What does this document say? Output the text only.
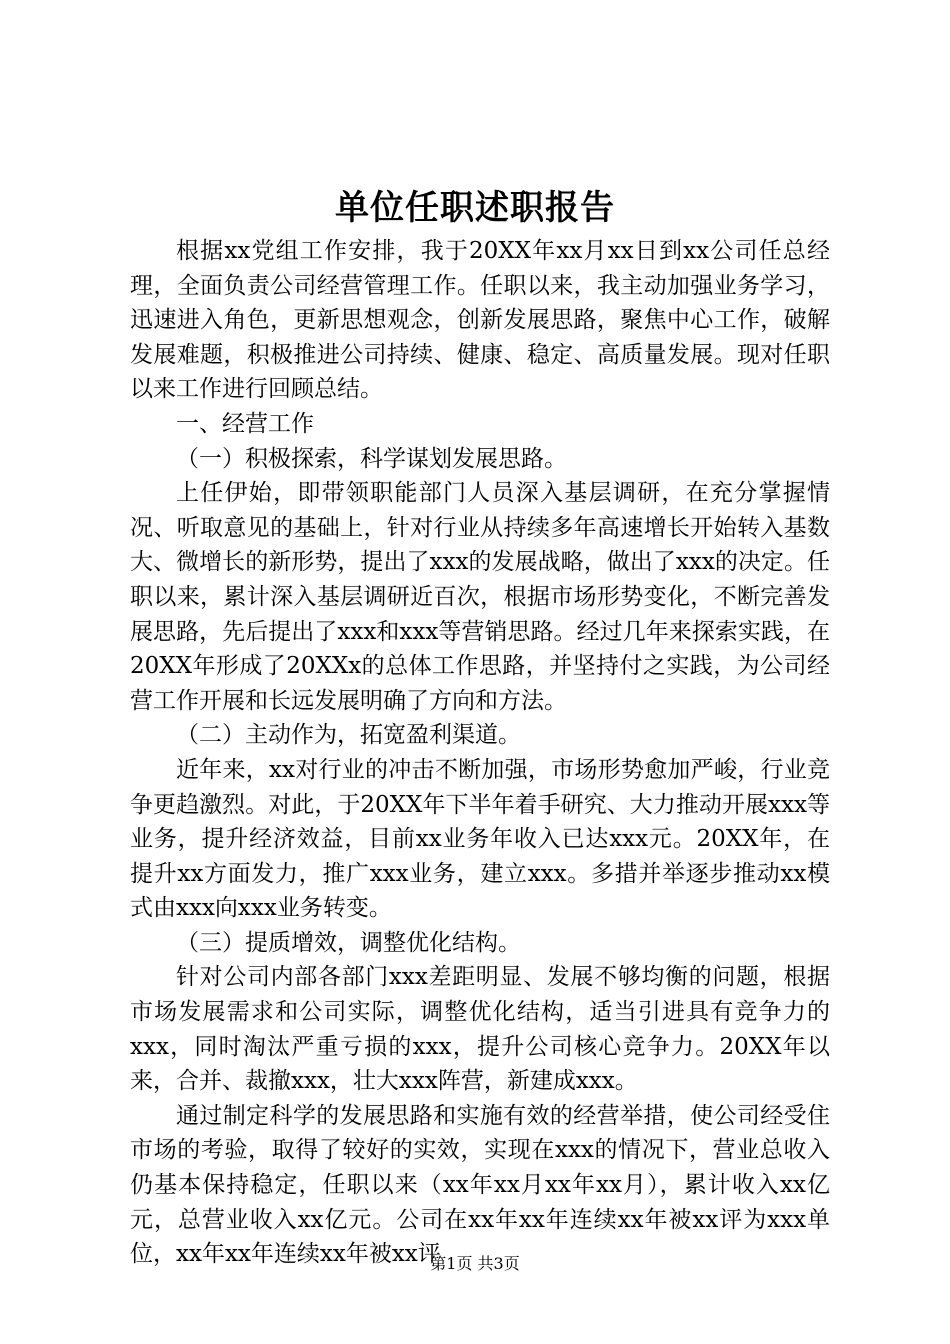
单位任职述职报告

根据xx党组工作安排，我于20XX年xx月xx日到xx公司任总经理，全面负责公司经营管理工作。任职以来，我主动加强业务学习，迅速进入角色，更新思想观念，创新发展思路，聚焦中心工作，破解发展难题，积极推进公司持续、健康、稳定、高质量发展。现对任职以来工作进行回顾总结。

一、经营工作

（一）积极探索，科学谋划发展思路。

上任伊始，即带领职能部门人员深入基层调研，在充分掌握情况、听取意见的基础上，针对行业从持续多年高速增长开始转入基数大、微增长的新形势，提出了xxx的发展战略，做出了xxx的决定。任职以来，累计深入基层调研近百次，根据市场形势变化，不断完善发展思路，先后提出了xxx和xxx等营销思路。经过几年来探索实践，在20XX年形成了20XXx的总体工作思路，并坚持付之实践，为公司经营工作开展和长远发展明确了方向和方法。

（二）主动作为，拓宽盈利渠道。

近年来，xx对行业的冲击不断加强，市场形势愈加严峻，行业竞争更趋激烈。对此，于20XX年下半年着手研究、大力推动开展xxx等业务，提升经济效益，目前xx业务年收入已达xxx元。20XX年，在提升xx方面发力，推广xxx业务，建立xxx。多措并举逐步推动xx模式由xxx向xxx业务转变。

（三）提质增效，调整优化结构。

针对公司内部各部门xxx差距明显、发展不够均衡的问题，根据市场发展需求和公司实际，调整优化结构，适当引进具有竞争力的xxx，同时淘汰严重亏损的xxx，提升公司核心竞争力。20XX年以来，合并、裁撤xxx，壮大xxx阵营，新建成xxx。

通过制定科学的发展思路和实施有效的经营举措，使公司经受住市场的考验，取得了较好的实效，实现在xxx的情况下，营业总收入仍基本保持稳定，任职以来（xx年xx月xx年xx月），累计收入xx亿元，总营业收入xx亿元。公司在xx年xx年连续xx年被xx评为xxx单位，xx年xx年连续xx年被xx评

第1页 共3页
